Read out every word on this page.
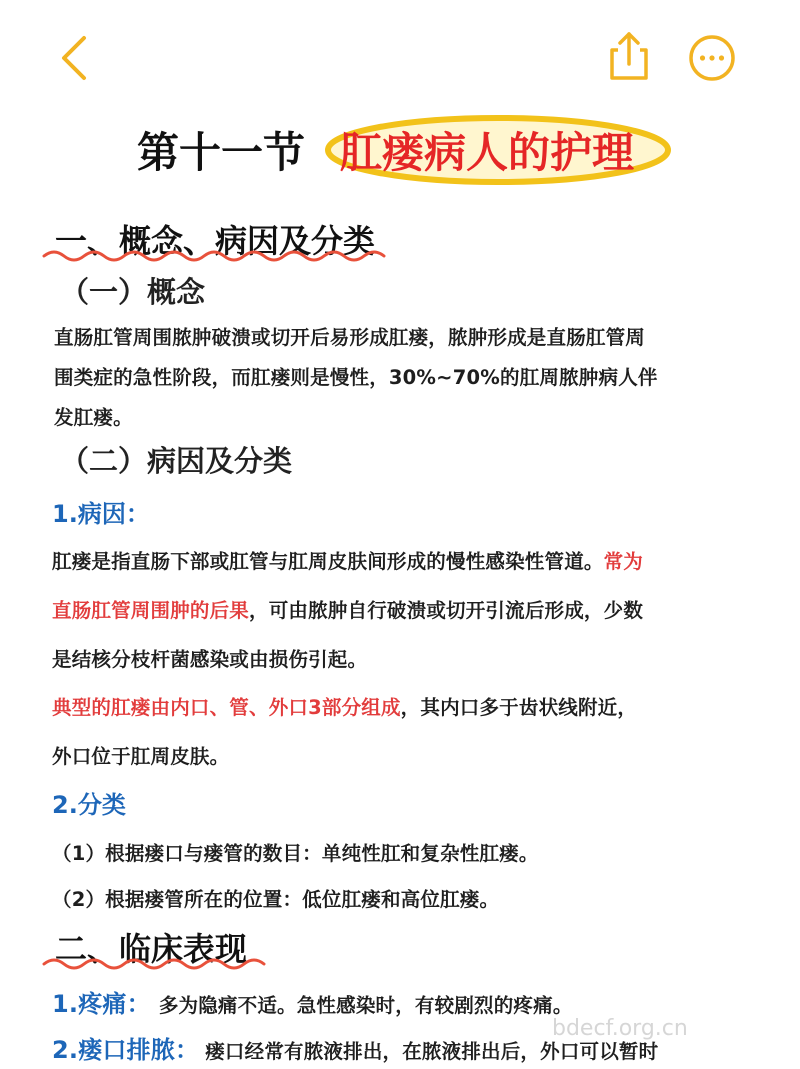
第十一节 肛瘘病人的护理
一、概念、病因及分类
（一）概念
直肠肛管周围脓肿破溃或切开后易形成肛瘘，脓肿形成是直肠肛管周
围类症的急性阶段，而肛瘘则是慢性，30%~70%的肛周脓肿病人伴
发肛瘘。
（二）病因及分类
1.病因：
肛瘘是指直肠下部或肛管与肛周皮肤间形成的慢性感染性管道。常为
直肠肛管周围肿的后果，可由脓肿自行破溃或切开引流后形成，少数
是结核分枝杆菌感染或由损伤引起。
典型的肛瘘由内口、管、外口3部分组成，其内口多于齿状线附近，
外口位于肛周皮肤。
2.分类
（1）根据瘘口与瘘管的数目：单纯性肛和复杂性肛瘘。
（2）根据瘘管所在的位置：低位肛瘘和高位肛瘘。
二、临床表现
1.疼痛： 多为隐痛不适。急性感染时，有较剧烈的疼痛。
2.瘘口排脓： 瘘口经常有脓液排出，在脓液排出后，外口可以暂时
bdecf.org.cn
